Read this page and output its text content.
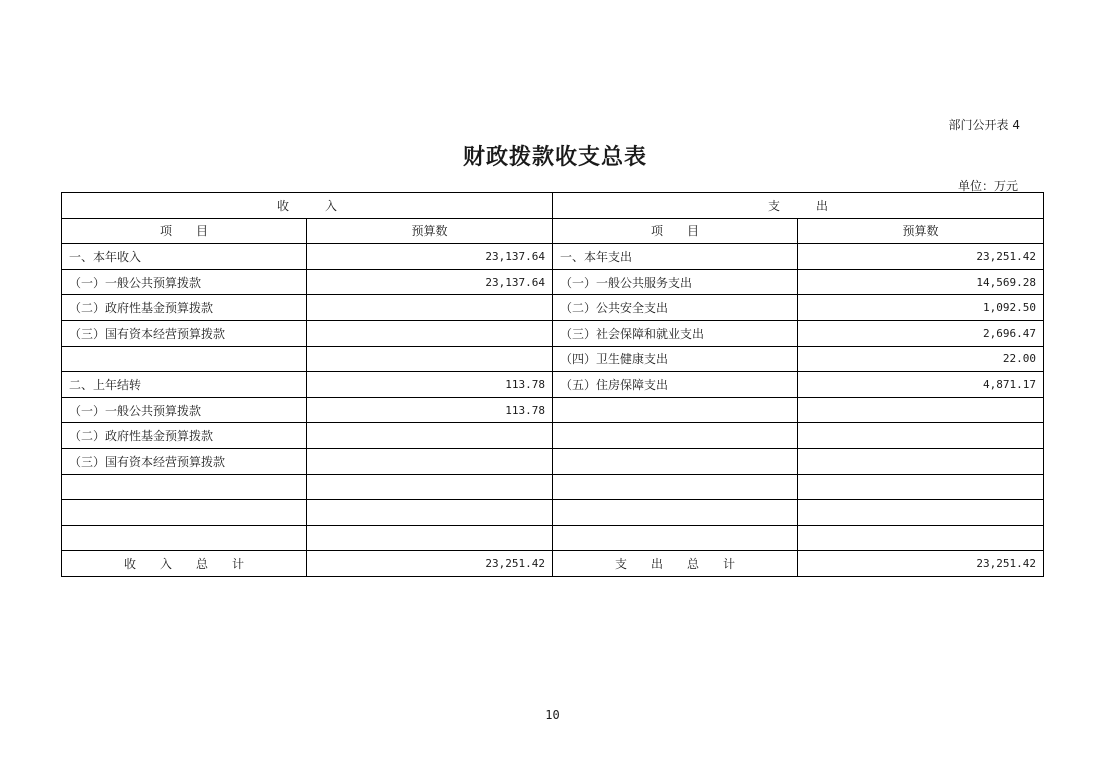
部门公开表 4
财政拨款收支总表
单位：万元
收　　　入		支　　　出	
项　　目	预算数	项　　目	预算数
一、本年收入	23,137.64	一、本年支出	23,251.42
（一）一般公共预算拨款	23,137.64	（一）一般公共服务支出	14,569.28
（二）政府性基金预算拨款		（二）公共安全支出	1,092.50
（三）国有资本经营预算拨款		（三）社会保障和就业支出	2,696.47
		（四）卫生健康支出	22.00
二、上年结转	113.78	（五）住房保障支出	4,871.17
（一）一般公共预算拨款	113.78		
（二）政府性基金预算拨款			
（三）国有资本经营预算拨款			

收　　入　　总　　计	23,251.42	支　　出　　总　　计	23,251.42
10
